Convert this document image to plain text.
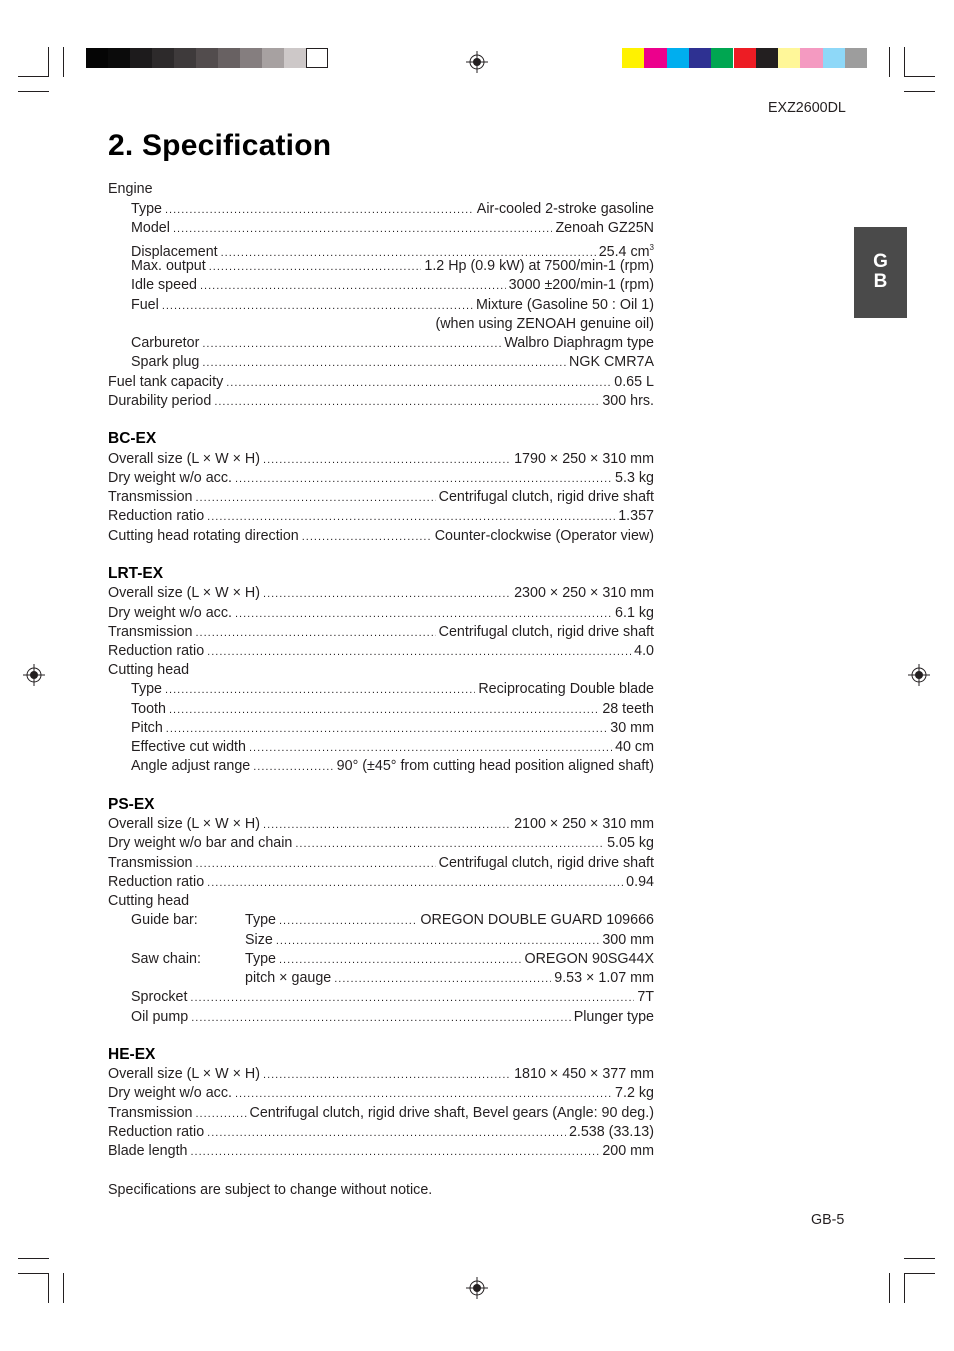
EXZ2600DL
2. Specification
G
B
Engine
Type .....	Air-cooled 2-stroke gasoline
Model .....	Zenoah GZ25N
Displacement .....	25.4 $cm^3$
Max. output .....	1.2 Hp (0.9 kW) at 7500/min-1 (rpm)
Idle speed .....	3000 ±200/min-1 (rpm)
Fuel .....	Mixture (Gasoline 50 : Oil 1)
(when using ZENOAH genuine oil)
Carburetor .....	Walbro Diaphragm type
Spark plug .....	NGK CMR7A
Fuel tank capacity .....	0.65 L
Durability period .....	300 hrs.
BC-EX
Overall size (L × W × H) .....	1790 × 250 × 310 mm
Dry weight w/o acc. .....	5.3 kg
Transmission .....	Centrifugal clutch, rigid drive shaft
Reduction ratio .....	1.357
Cutting head rotating direction .....	Counter-clockwise (Operator view)
LRT-EX
Overall size (L × W × H) .....	2300 × 250 × 310 mm
Dry weight w/o acc. .....	6.1 kg
Transmission .....	Centrifugal clutch, rigid drive shaft
Reduction ratio .....	4.0
Cutting head
Type .....	Reciprocating Double blade
Tooth .....	28 teeth
Pitch .....	30 mm
Effective cut width .....	40 cm
Angle adjust range .....	90° (±45° from cutting head position aligned shaft)
PS-EX
Overall size (L × W × H) .....	2100 × 250 × 310 mm
Dry weight w/o bar and chain .....	5.05 kg
Transmission .....	Centrifugal clutch, rigid drive shaft
Reduction ratio .....	0.94
Cutting head
Guide bar:	Type .....	OREGON DOUBLE GUARD 109666
Size .....	300 mm
Saw chain:	Type .....	OREGON 90SG44X
pitch × gauge .....	9.53 × 1.07 mm
Sprocket .....	7T
Oil pump .....	Plunger type
HE-EX
Overall size (L × W × H) .....	1810 × 450 × 377 mm
Dry weight w/o acc. .....	7.2 kg
Transmission .....	Centrifugal clutch, rigid drive shaft, Bevel gears (Angle: 90 deg.)
Reduction ratio .....	2.538 (33.13)
Blade length .....	200 mm
Specifications are subject to change without notice.
GB-5
